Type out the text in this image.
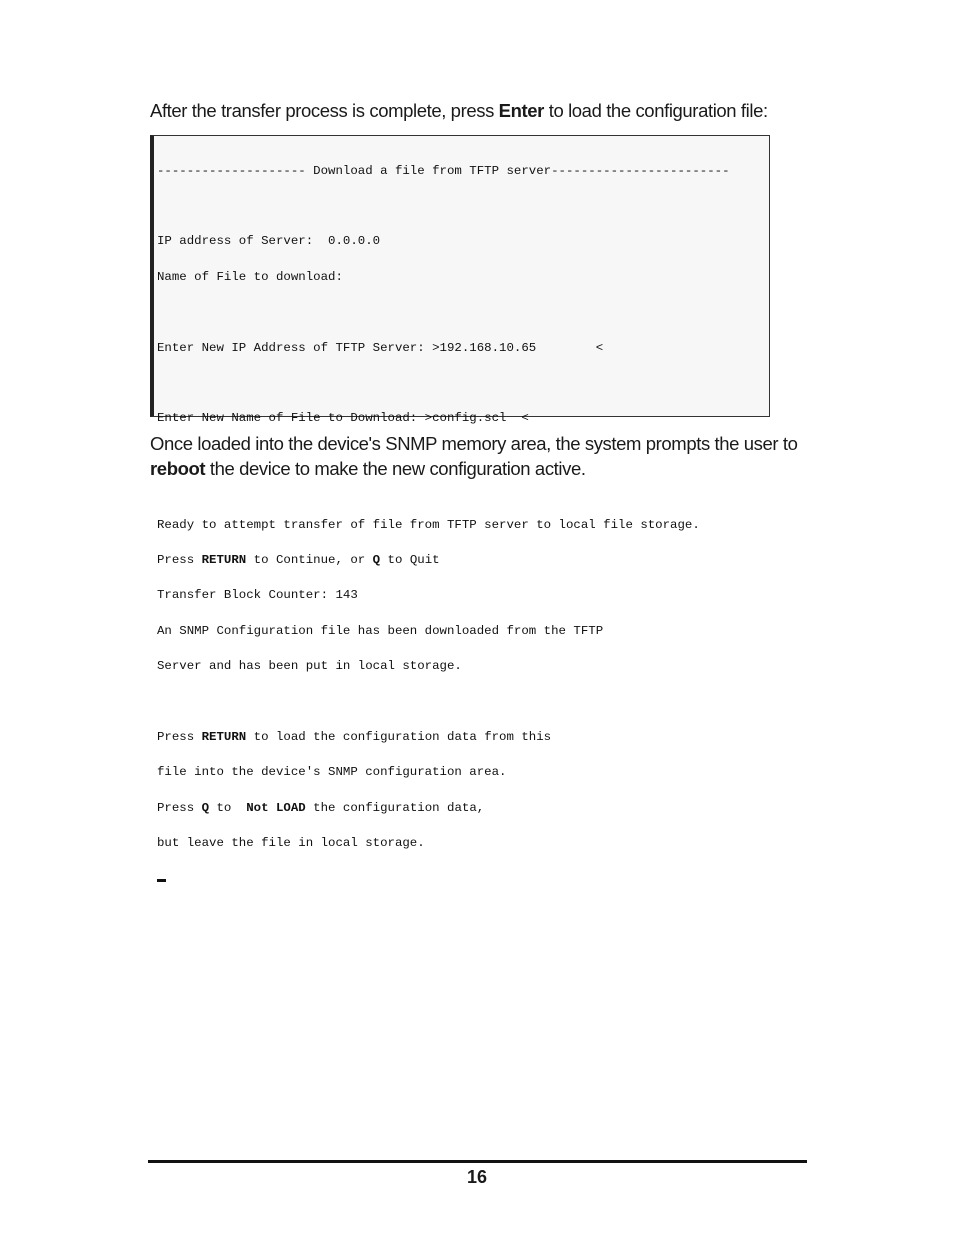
After the transfer process is complete, press Enter to load the configuration file:

-------------------- Download a file from TFTP server------------------------

IP address of Server:  0.0.0.0

Name of File to download:

Enter New IP Address of TFTP Server: >192.168.10.65        <

Enter New Name of File to Download: >config.scl  <

Ready to attempt transfer of file from TFTP server to local file storage.

Press RETURN to Continue, or Q to Quit

Transfer Block Counter: 143

An SNMP Configuration file has been downloaded from the TFTP

Server and has been put in local storage.

Press RETURN to load the configuration data from this

file into the device's SNMP configuration area.

Press Q to  Not LOAD the configuration data,

but leave the file in local storage.

Once loaded into the device's SNMP memory area, the system prompts the user to reboot the device to make the new configuration active.

16
